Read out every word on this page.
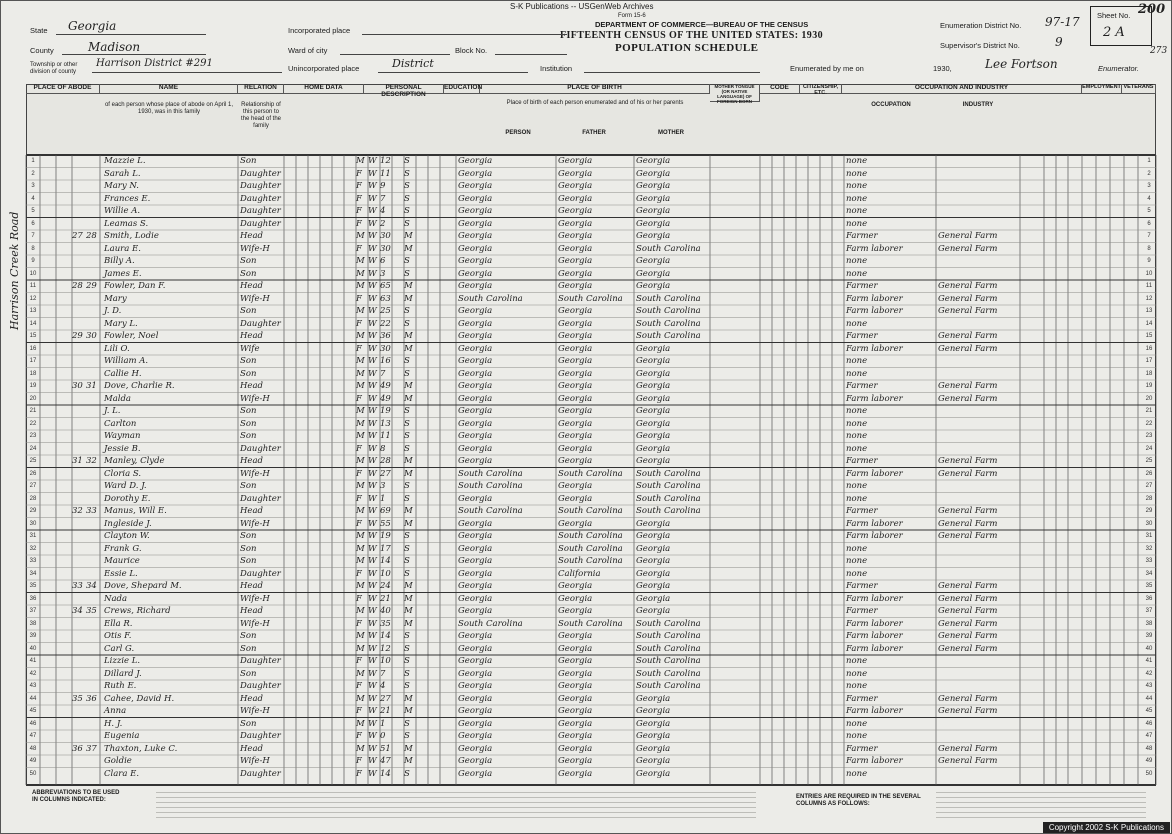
S-K Publications -- USGenWeb Archives
Form 15-6
DEPARTMENT OF COMMERCE—BUREAU OF THE CENSUS
FIFTEENTH CENSUS OF THE UNITED STATES: 1930
POPULATION SCHEDULE
State Georgia
County	Madison
Township or other division of county
Harrison District #291
Incorporated place
Ward of city	Block No.
Unincorporated place	District	Institution
Enumeration District No. 97-17
Supervisor's District No.	9
Enumerated by me on	1930,	Lee Fortson	Enumerator.
Sheet No.
2 A
200
273
PLACE OF ABODE	NAME	RELATION	HOME DATA	PERSONAL DESCRIPTION
EDUCATION	PLACE OF BIRTH	MOTHER TONGUE (OR NATIVE LANGUAGE) OF FOREIGN BORN
CODE	CITIZENSHIP, ETC.
OCCUPATION AND INDUSTRY	EMPLOYMENT VETERANS
of each person whose place of abode on April 1, 1930, was in this family
Relationship of this person to the head of the family
Place of birth of each person enumerated and of his or her parents
PERSON	FATHER	MOTHER
OCCUPATION	INDUSTRY
1	Mazzie L.	Son	M W 12	S	Georgia	Georgia	Georgia	none	1
2	Sarah L.	Daughter	F W 11	S	Georgia	Georgia	Georgia	none	2
3	Mary N.	Daughter	F W 9	S	Georgia	Georgia	Georgia	none	3
4	Frances E.	Daughter	F W 7	S	Georgia	Georgia	Georgia	none	4
5	Willie A.	Daughter	F W 4	S	Georgia	Georgia	Georgia	none	5
6	Leamas S.	Daughter	F W 2	S	Georgia	Georgia	Georgia	none	6
7	27 28 Smith, Lodie	Head	M W 30	M	Georgia	Georgia	Georgia	Farmer	General Farm	7
8	Laura E.	Wife-H	F W 30	M	Georgia	Georgia	South Carolina	Farm laborer	General Farm	8
9	Billy A.	Son	M W 6	S	Georgia	Georgia	Georgia	none	9
10	James E.	Son	M W 3	S	Georgia	Georgia	Georgia	none	10
11	28 29 Fowler, Dan F.	Head	M W 65	M	Georgia	Georgia	Georgia	Farmer	General Farm	11
12	Mary	Wife-H	F W 63	M	South Carolina	South Carolina	South Carolina	Farm laborer	General Farm	12
13	J. D.	Son	M W 25	S	Georgia	Georgia	South Carolina	Farm laborer	General Farm	13
14	Mary L.	Daughter	F W 22	S	Georgia	Georgia	South Carolina	none	14
15	29 30 Fowler, Noel	Head	M W 36	M	Georgia	Georgia	South Carolina	Farmer	General Farm	15
16	Lili O.	Wife	F W 30	M	Georgia	Georgia	Georgia	Farm laborer	General Farm	16
17	William A.	Son	M W 16	S	Georgia	Georgia	Georgia	none	17
18	Callie H.	Son	M W 7	S	Georgia	Georgia	Georgia	none	18
19	30 31 Dove, Charlie R.	Head	M W 49	M	Georgia	Georgia	Georgia	Farmer	General Farm	19
20	Malda	Wife-H	F W 49	M	Georgia	Georgia	Georgia	Farm laborer	General Farm	20
21	J. L.	Son	M W 19	S	Georgia	Georgia	Georgia	none	21
22	Carlton	Son	M W 13	S	Georgia	Georgia	Georgia	none	22
23	Wayman	Son	M W 11	S	Georgia	Georgia	Georgia	none	23
24	Jessie B.	Daughter	F W 8	S	Georgia	Georgia	Georgia	none	24
25	31 32 Manley, Clyde	Head	M W 28	M	Georgia	Georgia	Georgia	Farmer	General Farm	25
26	Cloria S.	Wife-H	F W 27	M	South Carolina	South Carolina	South Carolina	Farm laborer	General Farm	26
27	Ward D. J.	Son	M W 3	S	South Carolina	Georgia	South Carolina	none	27
28	Dorothy E.	Daughter	F W 1	S	Georgia	Georgia	South Carolina	none	28
29	32 33 Manus, Will E.	Head	M W 69	M	South Carolina	South Carolina	South Carolina	Farmer	General Farm	29
30	Ingleside J.	Wife-H	F W 55	M	Georgia	Georgia	Georgia	Farm laborer	General Farm	30
31	Clayton W.	Son	M W 19	S	Georgia	South Carolina	Georgia	Farm laborer	General Farm	31
32	Frank G.	Son	M W 17	S	Georgia	South Carolina	Georgia	none	32
33	Maurice	Son	M W 14	S	Georgia	South Carolina	Georgia	none	33
34	Essie L.	Daughter	F W 10	S	Georgia	California	Georgia	none	34
35	33 34 Dove, Shepard M.	Head	M W 24	M	Georgia	Georgia	Georgia	Farmer	General Farm	35
36	Nada	Wife-H	F W 21	M	Georgia	Georgia	Georgia	Farm laborer	General Farm	36
37	34 35 Crews, Richard	Head	M W 40	M	Georgia	Georgia	Georgia	Farmer	General Farm	37
38	Ella R.	Wife-H	F W 35	M	South Carolina	South Carolina	South Carolina	Farm laborer	General Farm	38
39	Otis F.	Son	M W 14	S	Georgia	Georgia	South Carolina	Farm laborer	General Farm	39
40	Carl G.	Son	M W 12	S	Georgia	Georgia	South Carolina	Farm laborer	General Farm	40
41	Lizzie L.	Daughter	F W 10	S	Georgia	Georgia	South Carolina	none	41
42	Dillard J.	Son	M W 7	S	Georgia	Georgia	South Carolina	none	42
43	Ruth E.	Daughter	F W 4	S	Georgia	Georgia	South Carolina	none	43
44	35 36 Cahee, David H.	Head	M W 27	M	Georgia	Georgia	Georgia	Farmer	General Farm	44
45	Anna	Wife-H	F W 21	M	Georgia	Georgia	Georgia	Farm laborer	General Farm	45
46	H. J.	Son	M W 1	S	Georgia	Georgia	Georgia	none	46
47	Eugenia	Daughter	F W 0	S	Georgia	Georgia	Georgia	none	47
48	36 37 Thaxton, Luke C.	Head	M W 51	M	Georgia	Georgia	Georgia	Farmer	General Farm	48
49	Goldie	Wife-H	F W 47	M	Georgia	Georgia	Georgia	Farm laborer	General Farm	49
50	Clara E.	Daughter	F W 14	S	Georgia	Georgia	Georgia	none	50
Harrison Creek Road
ABBREVIATIONS TO BE USED IN COLUMNS INDICATED:	ENTRIES ARE REQUIRED IN THE SEVERAL COLUMNS AS FOLLOWS:
Copyright 2002 S-K Publications
